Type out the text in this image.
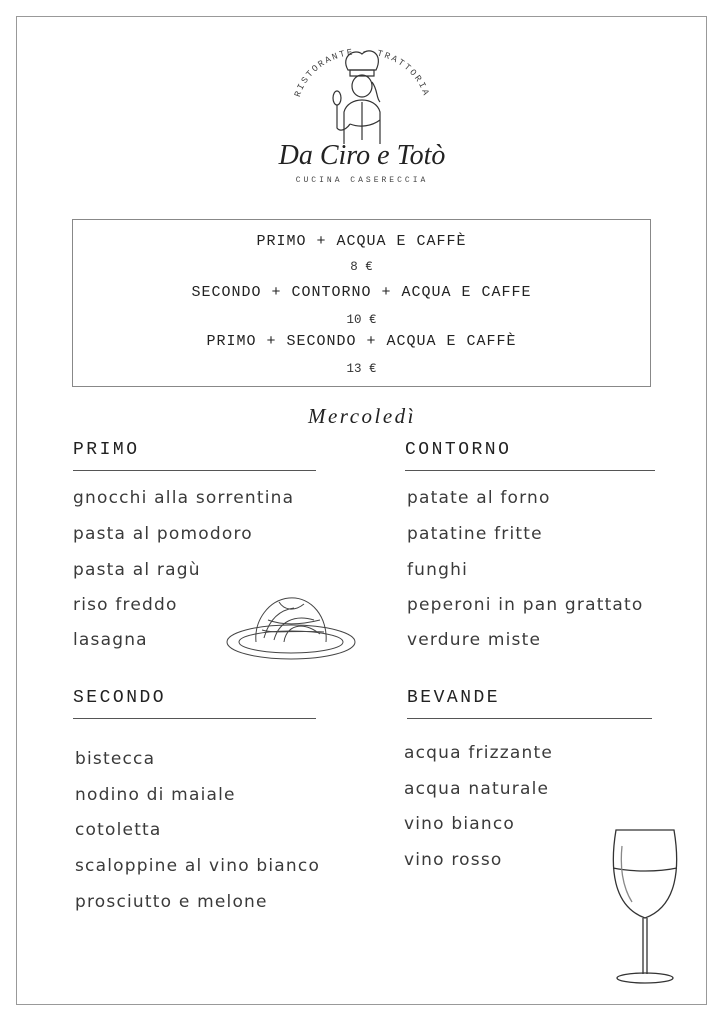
RISTORANTE - TRATTORIA
Da Ciro e Totò
CUCINA CASERECCIA
PRIMO + ACQUA E CAFFÈ
8 €
SECONDO + CONTORNO + ACQUA E CAFFE
10 €
PRIMO + SECONDO + ACQUA E CAFFÈ
13 €
Mercoledì
PRIMO
gnocchi alla sorrentina
pasta al pomodoro
pasta al ragù
riso freddo
lasagna
CONTORNO
patate al forno
patatine fritte
funghi
peperoni in pan grattato
verdure miste
SECONDO
bistecca
nodino di maiale
cotoletta
scaloppine al vino bianco
prosciutto e melone
BEVANDE
acqua frizzante
acqua naturale
vino bianco
vino rosso
